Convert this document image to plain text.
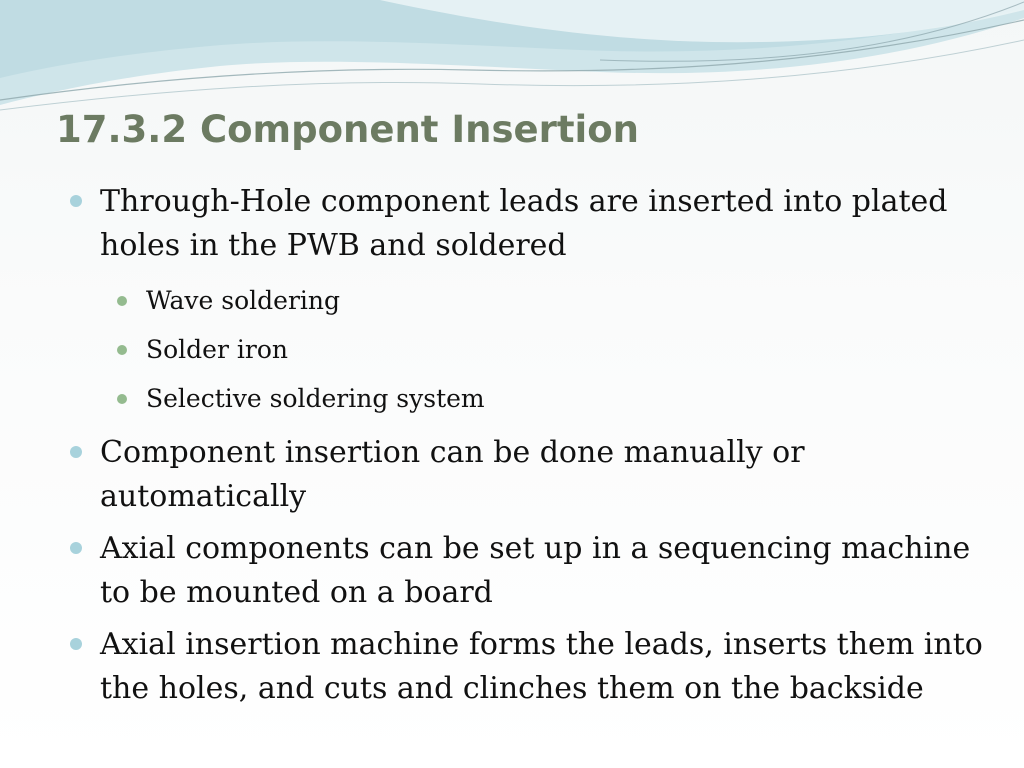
17.3.2 Component Insertion
Through-Hole component leads are inserted into plated holes in the PWB and soldered
Wave soldering
Solder iron
Selective soldering system
Component insertion can be done manually or automatically
Axial components can be set up in a sequencing machine to be mounted on a board
Axial insertion machine forms the leads, inserts them into the holes, and cuts and clinches them on the backside
